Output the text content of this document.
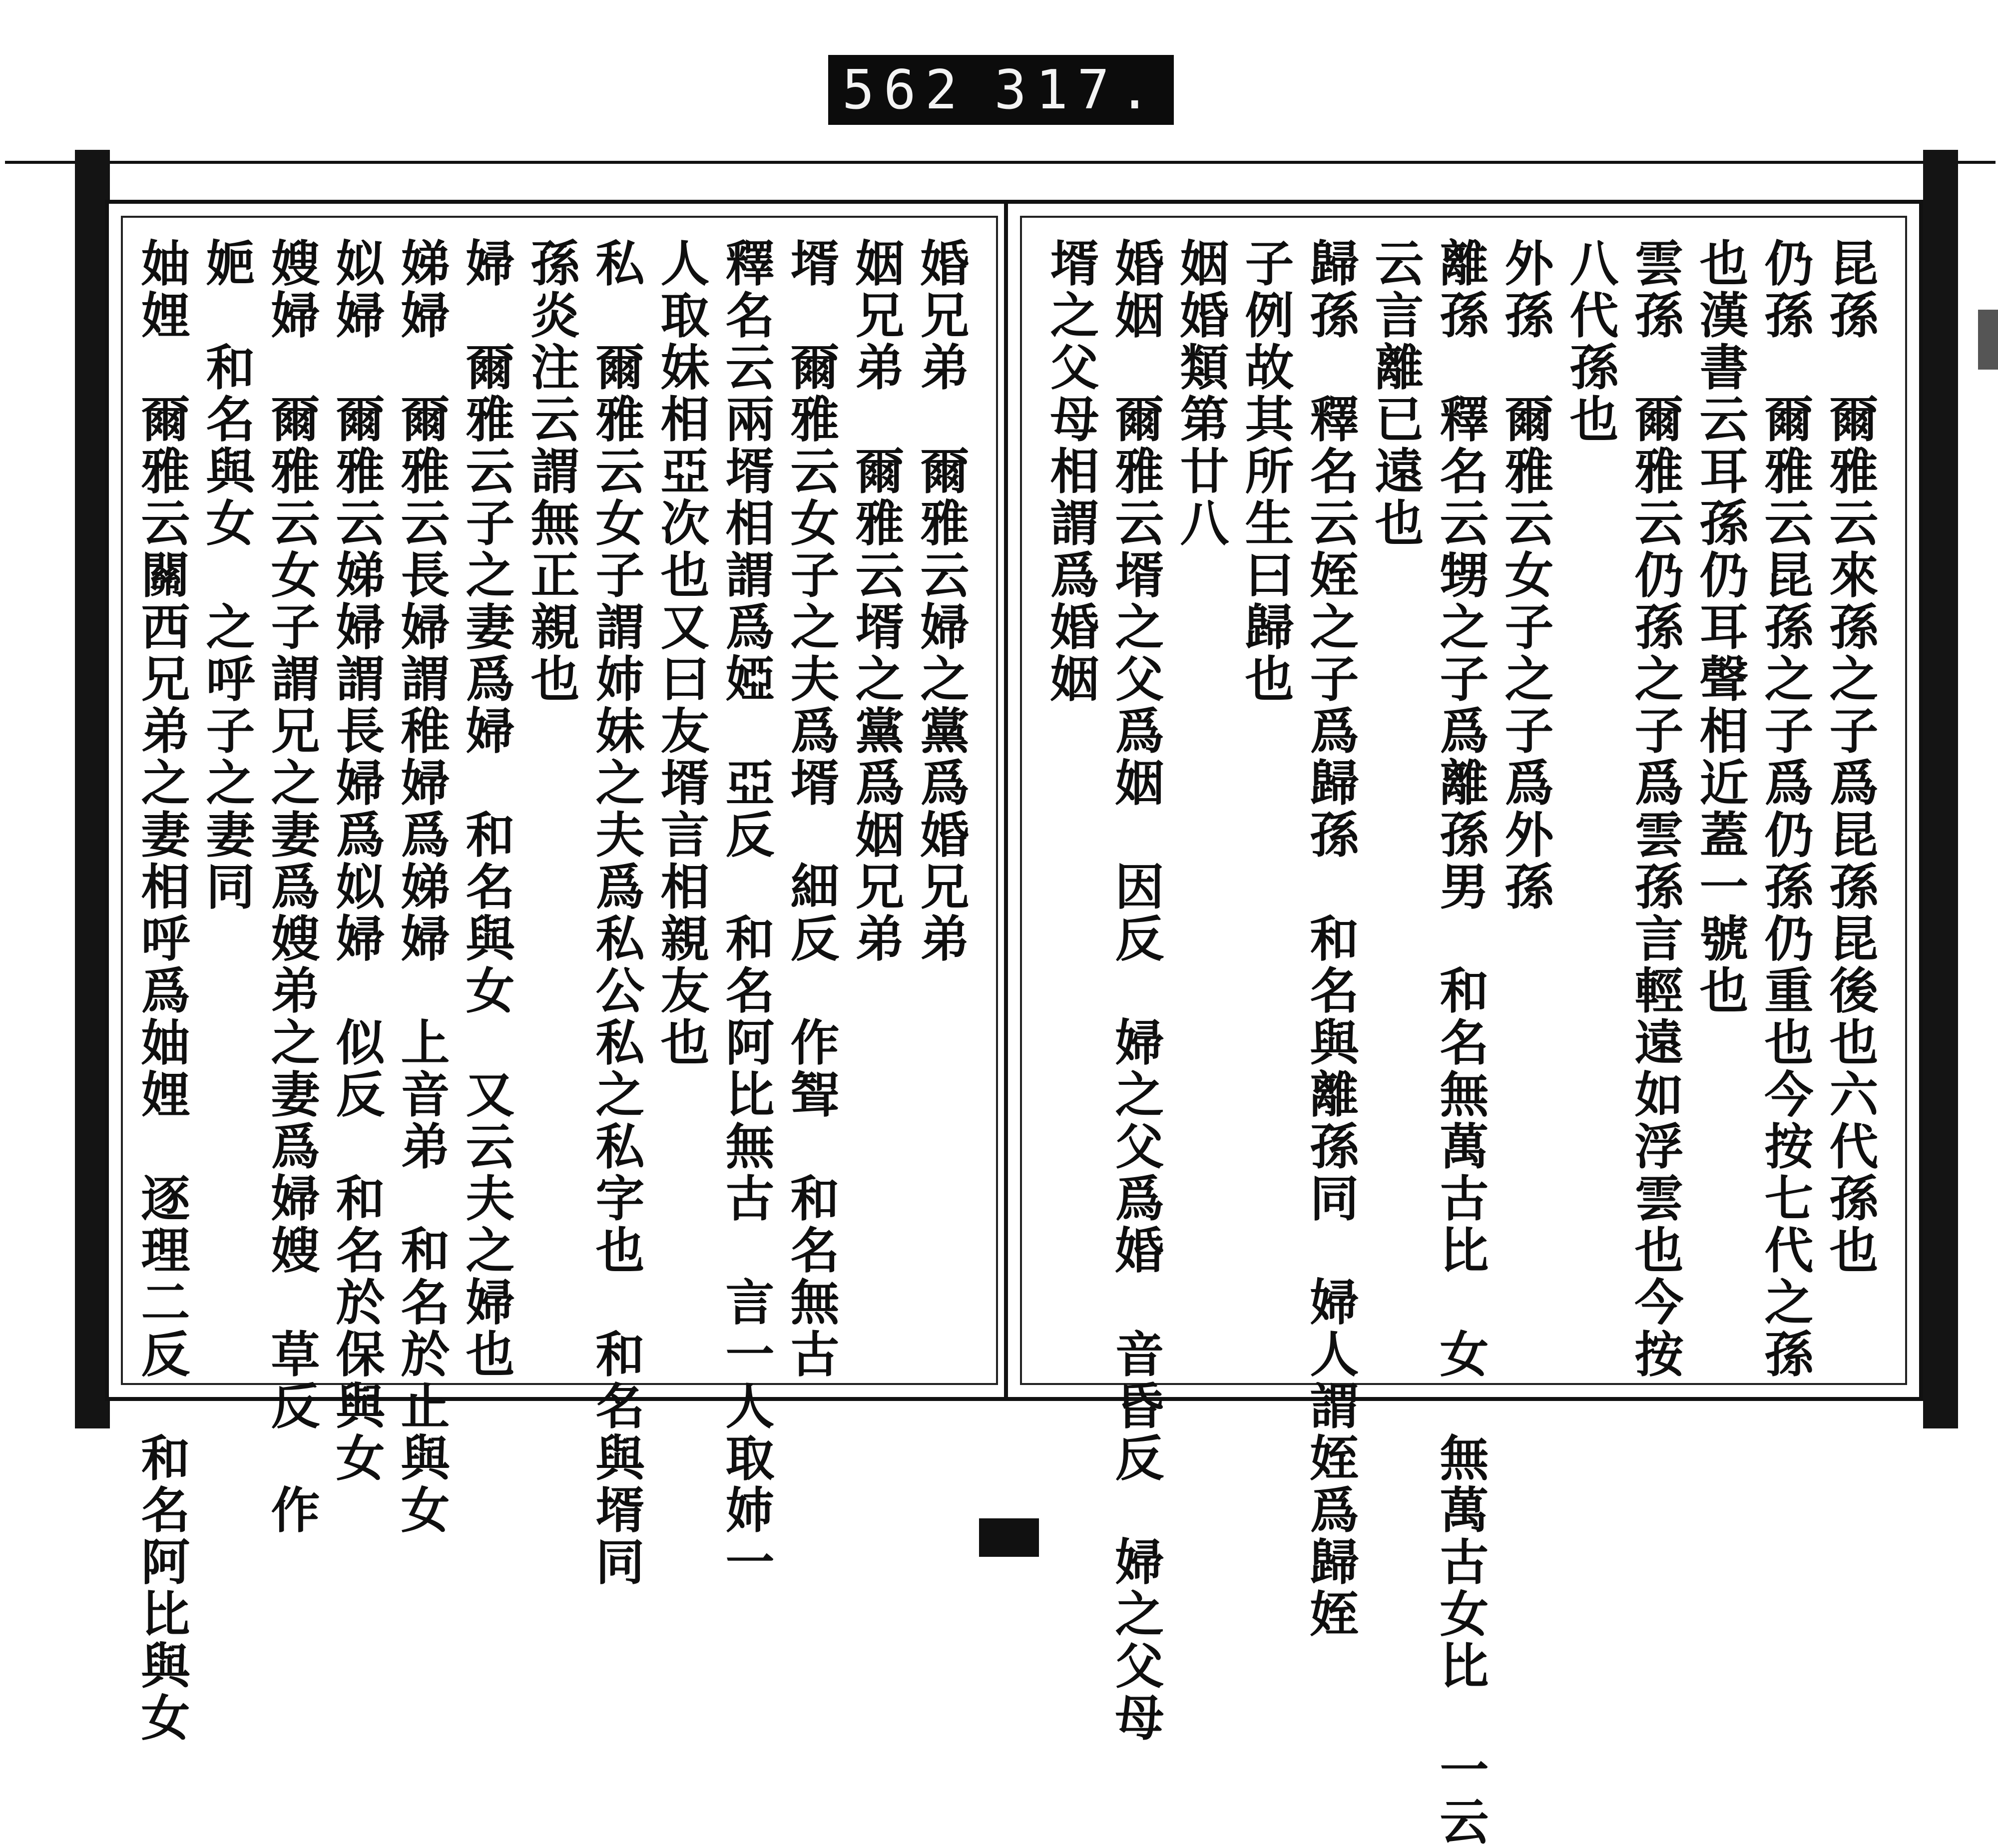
562 317.
婚兄弟　爾雅云婦之黨爲婚兄弟
姻兄弟　爾雅云壻之黨爲姻兄弟
壻　爾雅云女子之夫爲壻　細反　作聟　和名無古
釋名云兩壻相謂爲婭　亞反　和名阿比無古　言一人取姉一
人取妹相亞次也又曰友壻言相親友也
私　爾雅云女子謂姉妹之夫爲私公私之私字也　和名與壻同
孫炎注云謂無正親也
婦　爾雅云子之妻爲婦　和名與女　又云夫之婦也
娣婦　爾雅云長婦謂稚婦爲娣婦　上音弟　和名於止與女
姒婦　爾雅云娣婦謂長婦爲姒婦　似反　和名於保與女
嫂婦　爾雅云女子謂兄之妻爲嫂弟之妻爲婦嫂　草反　作
㛂　和名與女　之呼子之妻同
妯娌　爾雅云關西兄弟之妻相呼爲妯娌　逐理二反　和名阿比與女	昆孫　爾雅云來孫之子爲昆孫昆後也六代孫也
仍孫　爾雅云昆孫之子爲仍孫仍重也今按七代之孫
也漢書云耳孫仍耳聲相近蓋一號也
雲孫　爾雅云仍孫之子爲雲孫言輕遠如浮雲也今按
八代孫也
外孫　爾雅云女子之子爲外孫
離孫　釋名云甥之子爲離孫男　和名無萬古比　女　無萬古女比　一云
云言離已遠也
歸孫　釋名云姪之子爲歸孫　和名與離孫同　婦人謂姪爲歸姪
子例故其所生曰歸也
姻婚類第廿八
婚姻　爾雅云壻之父爲姻　因反　婦之父爲婚　音昏反　婦之父母
壻之父母相謂爲婚姻
